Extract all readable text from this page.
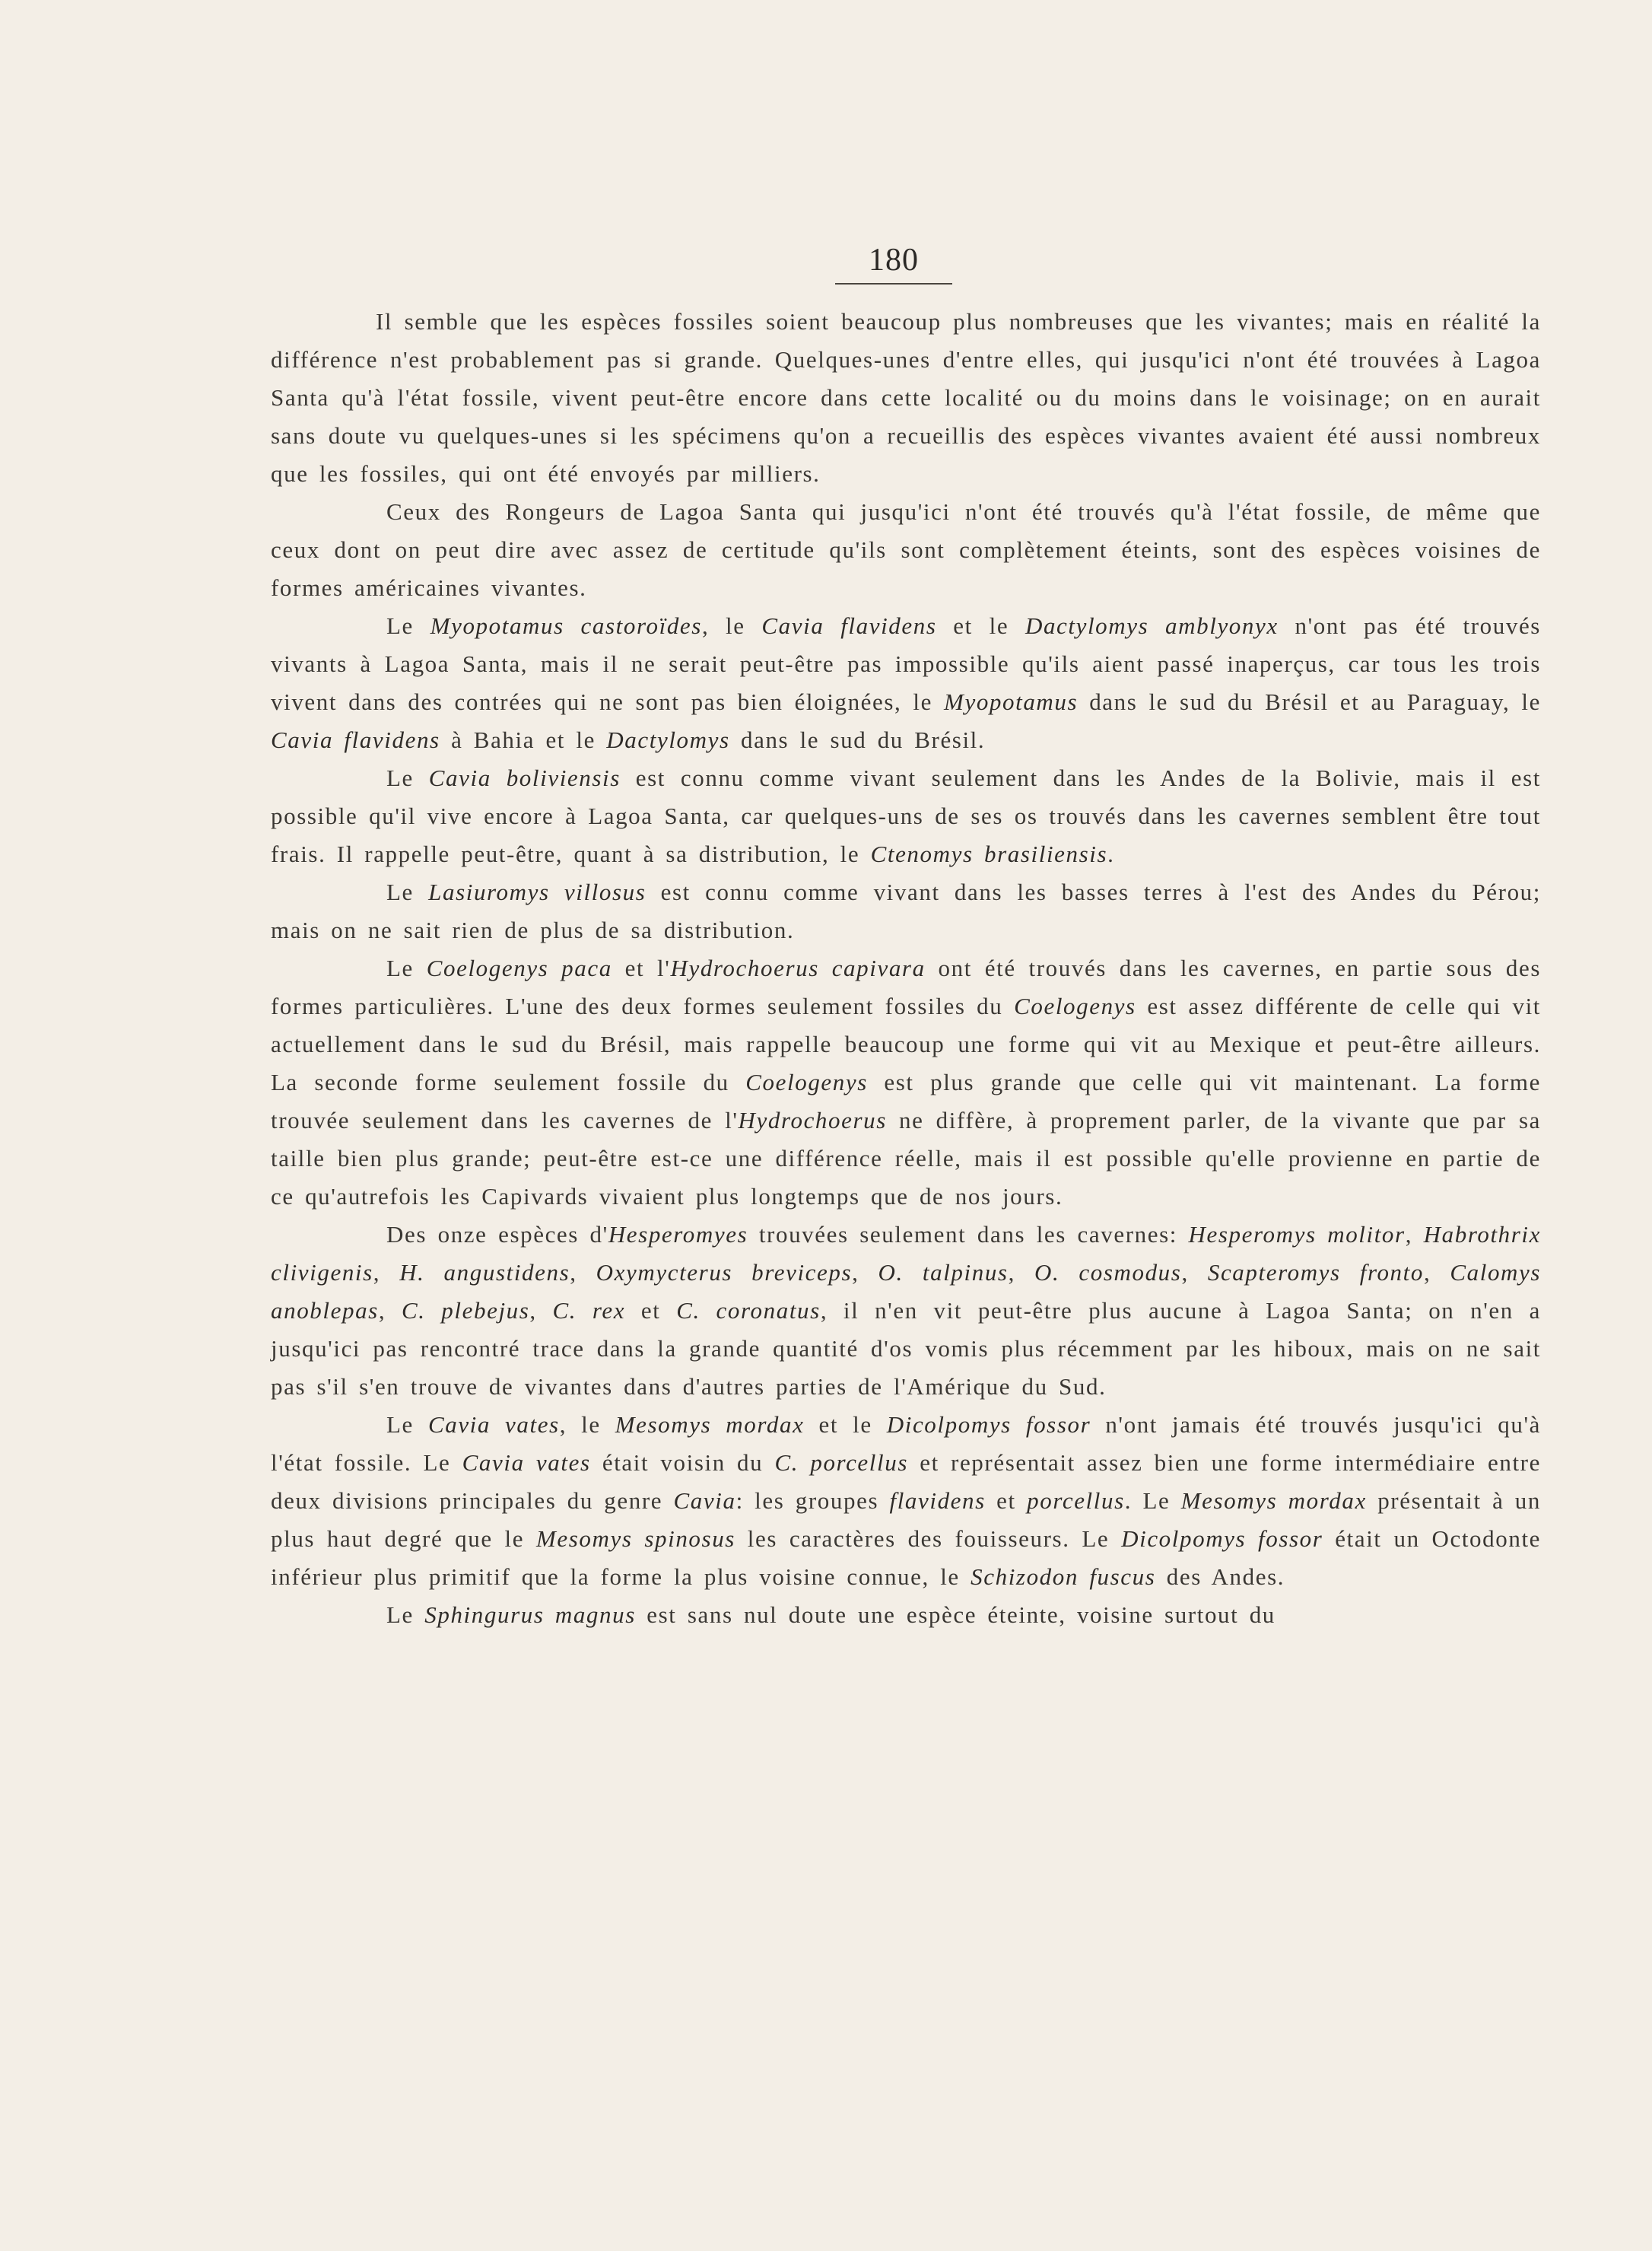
180

Il semble que les espèces fossiles soient beaucoup plus nombreuses que les vivantes; mais en réalité la différence n'est probablement pas si grande. Quelques-unes d'entre elles, qui jusqu'ici n'ont été trouvées à Lagoa Santa qu'à l'état fossile, vivent peut-être encore dans cette localité ou du moins dans le voisinage; on en aurait sans doute vu quelques-unes si les spécimens qu'on a recueillis des espèces vivantes avaient été aussi nombreux que les fossiles, qui ont été envoyés par milliers.

Ceux des Rongeurs de Lagoa Santa qui jusqu'ici n'ont été trouvés qu'à l'état fossile, de même que ceux dont on peut dire avec assez de certitude qu'ils sont complètement éteints, sont des espèces voisines de formes américaines vivantes.

Le Myopotamus castoroïdes, le Cavia flavidens et le Dactylomys amblyonyx n'ont pas été trouvés vivants à Lagoa Santa, mais il ne serait peut-être pas impossible qu'ils aient passé inaperçus, car tous les trois vivent dans des contrées qui ne sont pas bien éloignées, le Myopotamus dans le sud du Brésil et au Paraguay, le Cavia flavidens à Bahia et le Dactylomys dans le sud du Brésil.

Le Cavia boliviensis est connu comme vivant seulement dans les Andes de la Bolivie, mais il est possible qu'il vive encore à Lagoa Santa, car quelques-uns de ses os trouvés dans les cavernes semblent être tout frais. Il rappelle peut-être, quant à sa distribution, le Ctenomys brasiliensis.

Le Lasiuromys villosus est connu comme vivant dans les basses terres à l'est des Andes du Pérou; mais on ne sait rien de plus de sa distribution.

Le Coelogenys paca et l'Hydrochoerus capivara ont été trouvés dans les cavernes, en partie sous des formes particulières. L'une des deux formes seulement fossiles du Coelogenys est assez différente de celle qui vit actuellement dans le sud du Brésil, mais rappelle beaucoup une forme qui vit au Mexique et peut-être ailleurs. La seconde forme seulement fossile du Coelogenys est plus grande que celle qui vit maintenant. La forme trouvée seulement dans les cavernes de l'Hydrochoerus ne diffère, à proprement parler, de la vivante que par sa taille bien plus grande; peut-être est-ce une différence réelle, mais il est possible qu'elle provienne en partie de ce qu'autrefois les Capivards vivaient plus longtemps que de nos jours.

Des onze espèces d'Hesperomyes trouvées seulement dans les cavernes: Hesperomys molitor, Habrothrix clivigenis, H. angustidens, Oxymycterus breviceps, O. talpinus, O. cosmodus, Scapteromys fronto, Calomys anoblepas, C. plebejus, C. rex et C. coronatus, il n'en vit peut-être plus aucune à Lagoa Santa; on n'en a jusqu'ici pas rencontré trace dans la grande quantité d'os vomis plus récemment par les hiboux, mais on ne sait pas s'il s'en trouve de vivantes dans d'autres parties de l'Amérique du Sud.

Le Cavia vates, le Mesomys mordax et le Dicolpomys fossor n'ont jamais été trouvés jusqu'ici qu'à l'état fossile. Le Cavia vates était voisin du C. porcellus et représentait assez bien une forme intermédiaire entre deux divisions principales du genre Cavia: les groupes flavidens et porcellus. Le Mesomys mordax présentait à un plus haut degré que le Mesomys spinosus les caractères des fouisseurs. Le Dicolpomys fossor était un Octodonte inférieur plus primitif que la forme la plus voisine connue, le Schizodon fuscus des Andes.

Le Sphingurus magnus est sans nul doute une espèce éteinte, voisine surtout du
